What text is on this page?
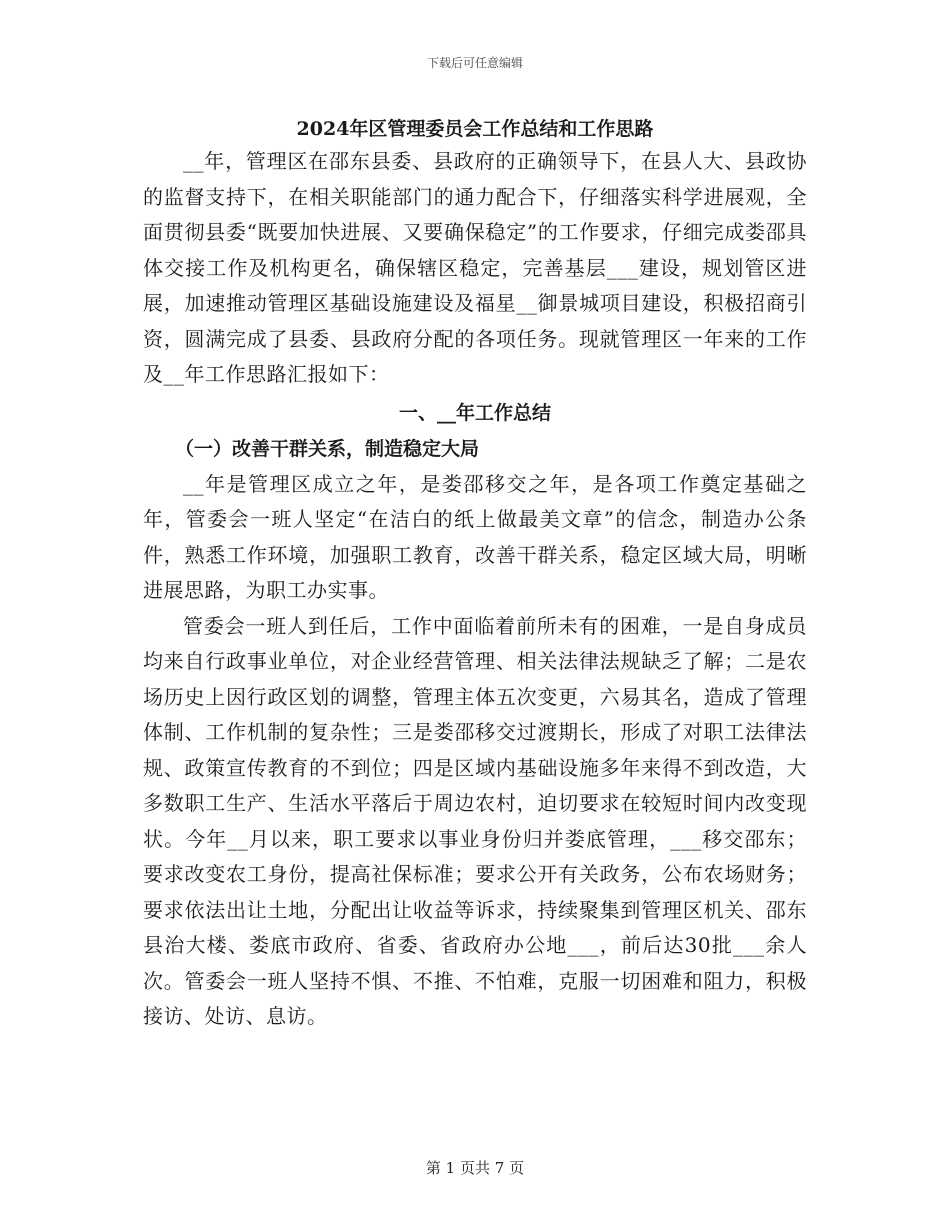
下载后可任意编辑
2024年区管理委员会工作总结和工作思路

__年，管理区在邵东县委、县政府的正确领导下，在县人大、县政协的监督支持下，在相关职能部门的通力配合下，仔细落实科学进展观，全面贯彻县委“既要加快进展、又要确保稳定”的工作要求，仔细完成娄邵具体交接工作及机构更名，确保辖区稳定，完善基层___建设，规划管区进展，加速推动管理区基础设施建设及福星__御景城项目建设，积极招商引资，圆满完成了县委、县政府分配的各项任务。现就管理区一年来的工作及__年工作思路汇报如下：

一、__年工作总结
（一）改善干群关系，制造稳定大局

__年是管理区成立之年，是娄邵移交之年，是各项工作奠定基础之年，管委会一班人坚定“在洁白的纸上做最美文章”的信念，制造办公条件，熟悉工作环境，加强职工教育，改善干群关系，稳定区域大局，明晰进展思路，为职工办实事。

管委会一班人到任后，工作中面临着前所未有的困难，一是自身成员均来自行政事业单位，对企业经营管理、相关法律法规缺乏了解；二是农场历史上因行政区划的调整，管理主体五次变更，六易其名，造成了管理体制、工作机制的复杂性；三是娄邵移交过渡期长，形成了对职工法律法规、政策宣传教育的不到位；四是区域内基础设施多年来得不到改造，大多数职工生产、生活水平落后于周边农村，迫切要求在较短时间内改变现状。今年__月以来，职工要求以事业身份归并娄底管理，___移交邵东；要求改变农工身份，提高社保标准；要求公开有关政务，公布农场财务；要求依法出让土地，分配出让收益等诉求，持续聚集到管理区机关、邵东县治大楼、娄底市政府、省委、省政府办公地___，前后达30批___余人次。管委会一班人坚持不惧、不推、不怕难，克服一切困难和阻力，积极接访、处访、息访。

第 1 页共 7 页
